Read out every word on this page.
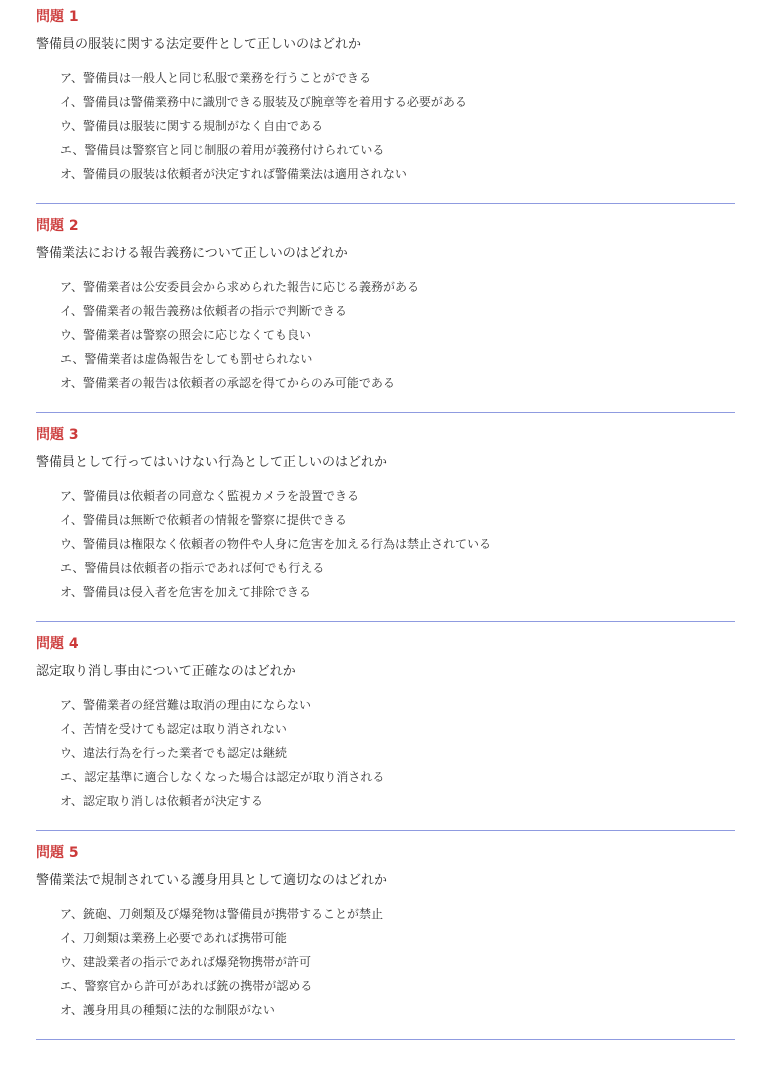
問題 1

警備員の服装に関する法定要件として正しいのはどれか

ア、警備員は一般人と同じ私服で業務を行うことができる
イ、警備員は警備業務中に識別できる服装及び腕章等を着用する必要がある
ウ、警備員は服装に関する規制がなく自由である
エ、警備員は警察官と同じ制服の着用が義務付けられている
オ、警備員の服装は依頼者が決定すれば警備業法は適用されない
問題 2

警備業法における報告義務について正しいのはどれか

ア、警備業者は公安委員会から求められた報告に応じる義務がある
イ、警備業者の報告義務は依頼者の指示で判断できる
ウ、警備業者は警察の照会に応じなくても良い
エ、警備業者は虚偽報告をしても罰せられない
オ、警備業者の報告は依頼者の承認を得てからのみ可能である
問題 3

警備員として行ってはいけない行為として正しいのはどれか

ア、警備員は依頼者の同意なく監視カメラを設置できる
イ、警備員は無断で依頼者の情報を警察に提供できる
ウ、警備員は権限なく依頼者の物件や人身に危害を加える行為は禁止されている
エ、警備員は依頼者の指示であれば何でも行える
オ、警備員は侵入者を危害を加えて排除できる
問題 4

認定取り消し事由について正確なのはどれか

ア、警備業者の経営難は取消の理由にならない
イ、苦情を受けても認定は取り消されない
ウ、違法行為を行った業者でも認定は継続
エ、認定基準に適合しなくなった場合は認定が取り消される
オ、認定取り消しは依頼者が決定する
問題 5

警備業法で規制されている護身用具として適切なのはどれか

ア、銃砲、刀剣類及び爆発物は警備員が携帯することが禁止
イ、刀剣類は業務上必要であれば携帯可能
ウ、建設業者の指示であれば爆発物携帯が許可
エ、警察官から許可があれば銃の携帯が認める
オ、護身用具の種類に法的な制限がない
